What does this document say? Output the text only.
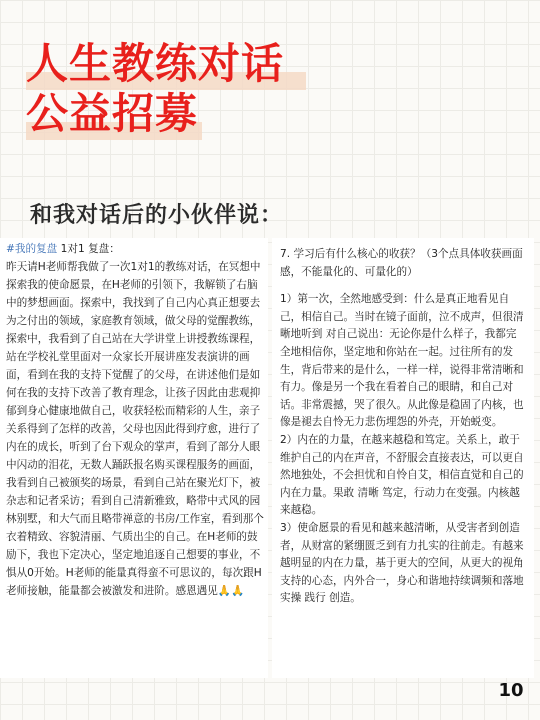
人生教练对话
公益招募
和我对话后的小伙伴说：
#我的复盘 1对1 复盘：
昨天请H老师帮我做了一次1对1的教练对话，在冥想中探索我的使命愿景，在H老师的引领下，我解锁了右脑中的梦想画面。探索中，我找到了自己内心真正想要去为之付出的领域，家庭教育领域，做父母的觉醒教练，探索中，我看到了自己站在大学讲堂上讲授教练课程，站在学校礼堂里面对一众家长开展讲座发表演讲的画面，看到在我的支持下觉醒了的父母，在讲述他们是如何在我的支持下改善了教育理念，让孩子因此由悲观抑郁到身心健康地做自己，收获轻松而精彩的人生，亲子关系得到了怎样的改善，父母也因此得到疗愈，进行了内在的成长，听到了台下观众的掌声，看到了部分人眼中闪动的泪花，无数人踊跃报名购买课程服务的画面，我看到自己被颁奖的场景，看到自己站在聚光灯下，被杂志和记者采访；看到自己清新雅致，略带中式风的园林别墅，和大气而且略带禅意的书房/工作室，看到那个衣着精致、容貌清丽、气质出尘的自己。在H老师的鼓励下，我也下定决心，坚定地追逐自己想要的事业，不惧从0开始。H老师的能量真得蛮不可思议的，每次跟H老师接触，能量都会被激发和进阶。感恩遇见🙏🙏

7. 学习后有什么核心的收获？（3个点具体收获画面感，不能量化的、可量化的）

1）第一次，全然地感受到：什么是真正地看见自己，相信自己。当时在镜子面前，泣不成声，但很清晰地听到 对自己说出：无论你是什么样子，我都完全地相信你，坚定地和你站在一起。过往所有的发生，背后带来的是什么，一样一样，说得非常清晰和有力。像是另一个我在看着自己的眼睛，和自己对话。非常震撼，哭了很久。从此像是稳固了内核，也像是褪去自怜无力悲伤埋怨的外壳，开始蜕变。

2）内在的力量，在越来越稳和笃定。关系上，敢于维护自己的内在声音，不舒服会直接表达，可以更自然地独处，不会担忧和自怜自艾，相信直觉和自己的内在力量。果敢 清晰 笃定，行动力在变强。内核越来越稳。

3）使命愿景的看见和越来越清晰，从受害者到创造者，从财富的紧绷匮乏到有力扎实的往前走。有越来越明显的内在力量，基于更大的空间，从更大的视角 支持的心态，内外合一，身心和谐地持续调频和落地实操 践行 创造。

10
